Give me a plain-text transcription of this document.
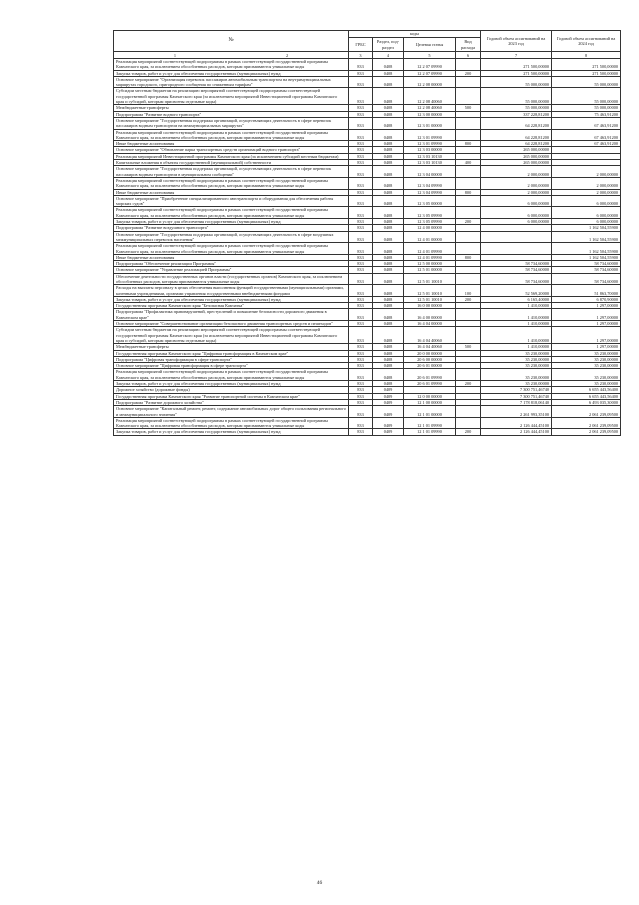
№	коды				Годовой объем ассигнований на 2023 год	Годовой объем ассигнований на 2024 год
	ГРБС	Раздел, под-раздел	Целевая статья	Вид расхода		
1 2	3	4	5	6	7	8
Реализация мероприятий соответствующей подпрограммы в рамках соответствующей государственной программы Камчатского края, за исключением обособленных расходов, которым присваиваются уникальные коды	833	0408	12 2 07 09990		271 500,00000	271 500,00000
Закупка товаров, работ и услуг для обеспечения государственных (муниципальных) нужд	833	0408	12 2 07 09990	200	271 500,00000	271 500,00000
Основное мероприятие "Организация перевозок пассажиров автомобильным транспортом на внутримуниципальных маршрутах городского, пригородного сообщения по сниженным тарифам"	833	0408	12 2 08 00000		55 000,00000	55 000,00000
Субсидии местным бюджетам на реализацию мероприятий соответствующей подпрограммы соответствующей государственной программы Камчатского края (за исключением мероприятий Инвестиционной программы Камчатского края и субсидий, которым присвоены отдельные коды)	833	0408	12 2 08 40060		55 000,00000	55 000,00000
Межбюджетные трансферты	833	0408	12 2 08 40060	500	55 000,00000	55 000,00000
Подпрограмма "Развитие водного транспорта"	833	0408	12 3 00 00000		337 228,81200	75 463,91200
Основное мероприятие "Государственная поддержка организаций, осуществляющих деятельность в сфере перевозок пассажиров водным транспортом на межмуниципальных маршрутах"	833	0408	12 3 01 00000		64 228,81200	67 463,91200
Реализация мероприятий соответствующей подпрограммы в рамках соответствующей государственной программы Камчатского края, за исключением обособленных расходов, которым присваиваются уникальные коды	833	0408	12 3 01 09990		64 228,81200	67 463,91200
Иные бюджетные ассигнования	833	0408	12 3 01 09990	800	64 228,81200	67 463,91200
Основное мероприятие "Обновление парка транспортных средств организаций водного транспорта"	833	0408	12 3 03 00000		265 000,00000	
Реализация мероприятий Инвестиционной программы Камчатского края (за исключением субсидий местным бюджетам)	833	0408	12 3 03 10130		265 000,00000	
Капитальные вложения в объекты государственной (муниципальной) собственности	833	0408	12 3 03 10130	400	265 000,00000	
Основное мероприятие "Государственная поддержка организаций, осуществляющих деятельность в сфере перевозок пассажиров водным транспортом в муниципальном сообщении"	833	0408	12 3 04 00000		2 000,00000	2 000,00000
Реализация мероприятий соответствующей подпрограммы в рамках соответствующей государственной программы Камчатского края, за исключением обособленных расходов, которым присваиваются уникальные коды	833	0408	12 3 04 09990		2 000,00000	2 000,00000
Иные бюджетные ассигнования	833	0408	12 3 04 09990	800	2 000,00000	2 000,00000
Основное мероприятие "Приобретение специализированного автотранспорта и оборудования для обеспечения работы морских судов"	833	0408	12 3 05 00000		6 000,00000	6 000,00000
Реализация мероприятий соответствующей подпрограммы в рамках соответствующей государственной программы Камчатского края, за исключением обособленных расходов, которым присваиваются уникальные коды	833	0408	12 3 05 09990		6 000,00000	6 000,00000
Закупка товаров, работ и услуг для обеспечения государственных (муниципальных) нужд	833	0408	12 3 05 09990	200	6 000,00000	6 000,00000
Подпрограмма "Развитие воздушного транспорта"	833	0408	12 4 00 00000			1 162 504,55900
Основное мероприятие "Государственная поддержка организаций, осуществляющих деятельность в сфере воздушных межмуниципальных перевозок населения"	833	0408	12 4 01 00000			1 162 504,55900
Реализация мероприятий соответствующей подпрограммы в рамках соответствующей государственной программы Камчатского края, за исключением обособленных расходов, которым присваиваются уникальные коды	833	0408	12 4 01 09990			1 162 504,55900
Иные бюджетные ассигнования	833	0408	12 4 01 09990	800		1 162 504,55900
Подпрограмма "Обеспечение реализации Программы"	833	0408	12 5 00 00000		58 734,60000	58 734,60000
Основное мероприятие "Управление реализацией Программы"	833	0408	12 5 01 00000		58 734,60000	58 734,60000
Обеспечение деятельности государственных органов власти (государственных органов) Камчатского края, за исключением обособленных расходов, которым присваиваются уникальные коды	833	0408	12 5 01 10010		58 734,60000	58 734,60000
Расходы на выплаты персоналу в целях обеспечения выполнения функций государственными (муниципальными) органами, казенными учреждениями, органами управления государственными внебюджетными фондами	833	0408	12 5 01 10010	100	52 569,20000	51 863,70000
Закупка товаров, работ и услуг для обеспечения государственных (муниципальных) нужд	833	0408	12 5 01 10010	200	6 165,40000	6 870,90000
Государственная программа Камчатского края "Безопасная Камчатка"	833	0408	16 0 00 00000		1 410,00000	1 297,00000
Подпрограмма "Профилактика правонарушений, преступлений и повышение безопасности дорожного движения в Камчатском крае"	833	0408	16 4 00 00000		1 410,00000	1 297,00000
Основное мероприятие "Совершенствование организации безопасного движения транспортных средств и пешеходов"	833	0408	16 4 04 00000		1 410,00000	1 297,00000
Субсидии местным бюджетам на реализацию мероприятий соответствующей подпрограммы соответствующей государственной программы Камчатского края (за исключением мероприятий Инвестиционной программы Камчатского края и субсидий, которым присвоены отдельные коды)	833	0408	16 4 04 40060		1 410,00000	1 297,00000
Межбюджетные трансферты	833	0408	16 4 04 40060	500	1 410,00000	1 297,00000
Государственная программа Камчатского края "Цифровая трансформация в Камчатском крае"	833	0408	20 0 00 00000		35 230,00000	35 230,00000
Подпрограмма "Цифровая трансформация в сфере транспорта"	833	0408	20 6 00 00000		35 230,00000	35 230,00000
Основное мероприятие "Цифровая трансформация в сфере транспорта"	833	0408	20 6 01 00000		35 230,00000	35 230,00000
Реализация мероприятий соответствующей подпрограммы в рамках соответствующей государственной программы Камчатского края, за исключением обособленных расходов, которым присваиваются уникальные коды	833	0408	20 6 01 09990		35 230,00000	35 230,00000
Закупка товаров, работ и услуг для обеспечения государственных (муниципальных) нужд	833	0408	20 6 01 09990	200	35 230,00000	35 230,00000
Дорожное хозяйство (дорожные фонды)	833	0409			7 300 751,46740	6 655 443,56400
Государственная программа Камчатского края "Развитие транспортной системы в Камчатском крае"	833	0409	12 0 00 00000		7 300 751,46740	6 655 443,56400
Подпрограмма "Развитие дорожного хозяйства"	833	0409	12 1 00 00000		7 178 818,06140	6 493 035,30000
Основное мероприятие "Капитальный ремонт, ремонт, содержание автомобильных дорог общего пользования регионального и межмуниципального значения"	833	0409	12 1 01 00000		2 261 993,35100	2 061 239,09500
Реализация мероприятий соответствующей подпрограммы в рамках соответствующей государственной программы Камчатского края, за исключением обособленных расходов, которым присваиваются уникальные коды	833	0409	12 1 01 09990		2 126 444,45100	2 061 239,09500
Закупка товаров, работ и услуг для обеспечения государственных (муниципальных) нужд	833	0409	12 1 01 09990	200	2 126 444,45100	2 061 239,09500
46
